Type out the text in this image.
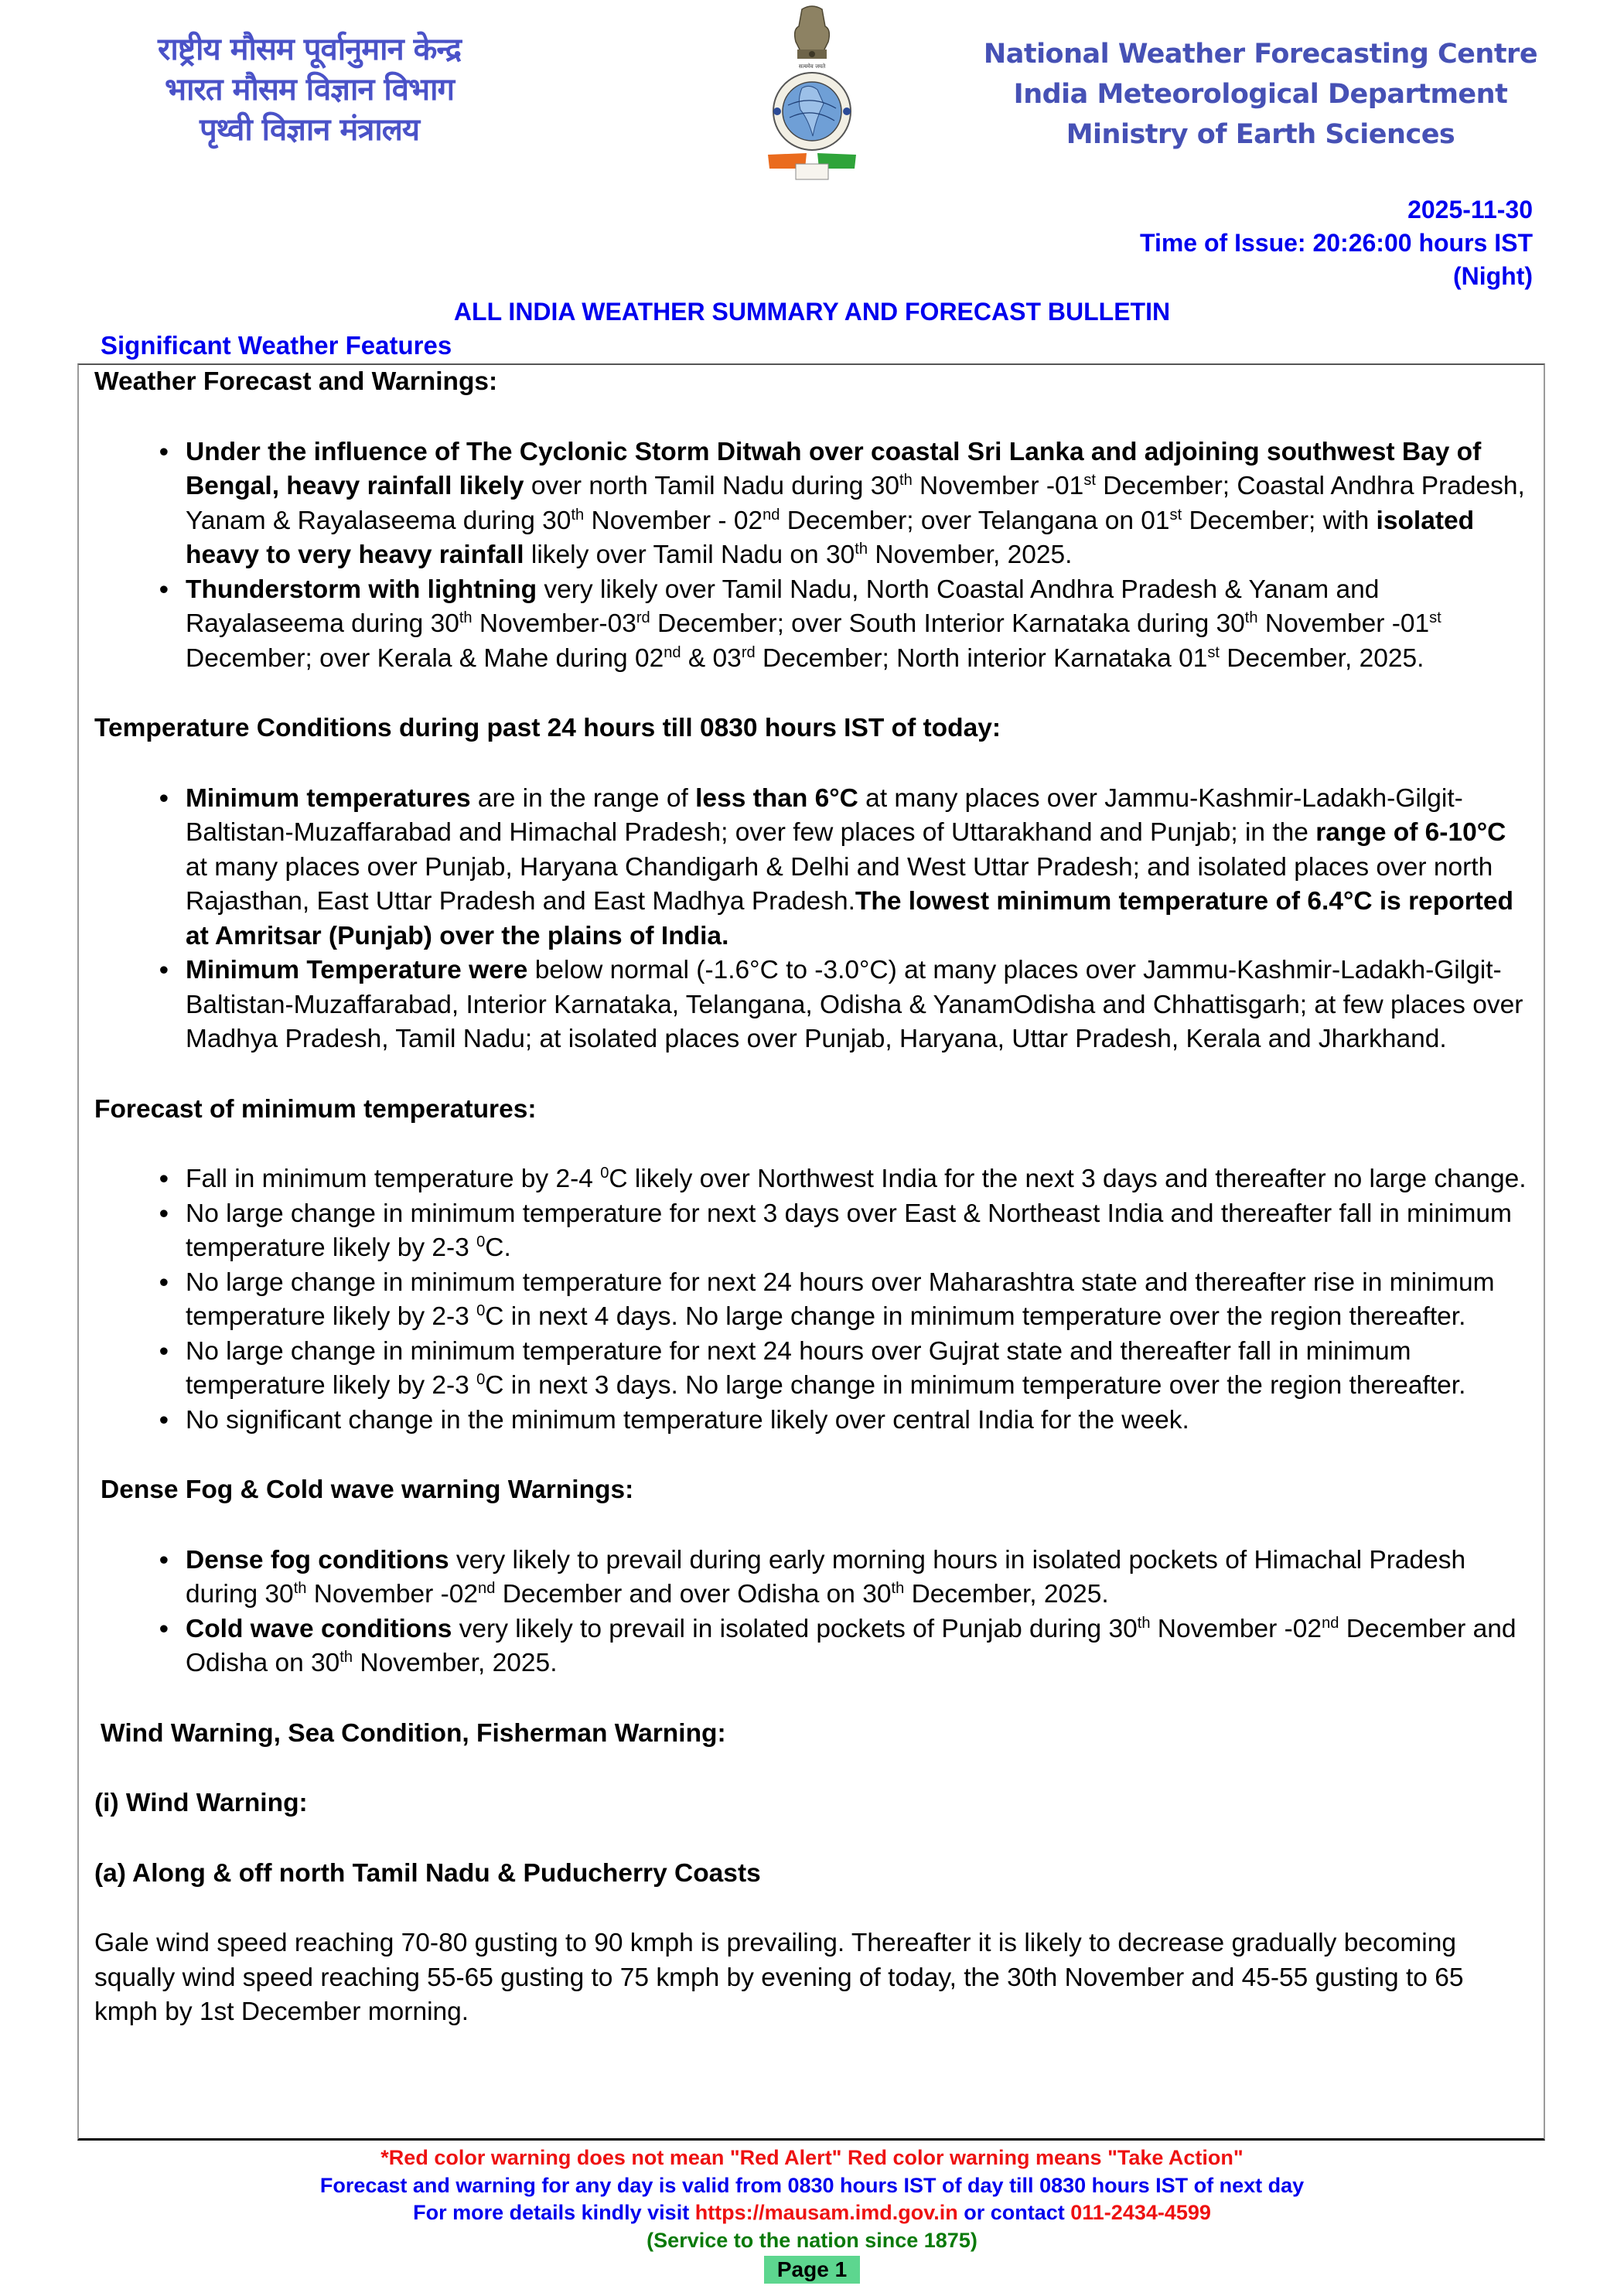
राष्ट्रीय मौसम पूर्वानुमान केन्द्र
भारत मौसम विज्ञान विभाग
पृथ्वी विज्ञान मंत्रालय
सत्यमेव जयते	National Weather Forecasting Centre
India Meteorological Department
Ministry of Earth Sciences
2025-11-30
Time of Issue: 20:26:00 hours IST
(Night)
ALL INDIA WEATHER SUMMARY AND FORECAST BULLETIN
Significant Weather Features

Weather Forecast and Warnings:

• Under the influence of The Cyclonic Storm Ditwah over coastal Sri Lanka and adjoining southwest Bay of Bengal, heavy rainfall likely over north Tamil Nadu during 30th November -01st December; Coastal Andhra Pradesh, Yanam & Rayalaseema during 30th November - 02nd December; over Telangana on 01st December; with isolated heavy to very heavy rainfall likely over Tamil Nadu on 30th November, 2025.
• Thunderstorm with lightning very likely over Tamil Nadu, North Coastal Andhra Pradesh & Yanam and Rayalaseema during 30th November-03rd December; over South Interior Karnataka during 30th November -01st December; over Kerala & Mahe during 02nd & 03rd December; North interior Karnataka 01st December, 2025.

Temperature Conditions during past 24 hours till 0830 hours IST of today:

• Minimum temperatures are in the range of less than 6°C at many places over Jammu-Kashmir-Ladakh-Gilgit-Baltistan-Muzaffarabad and Himachal Pradesh; over few places of Uttarakhand and Punjab; in the range of 6-10°C at many places over Punjab, Haryana Chandigarh & Delhi and West Uttar Pradesh; and isolated places over north Rajasthan, East Uttar Pradesh and East Madhya Pradesh.The lowest minimum temperature of 6.4°C is reported at Amritsar (Punjab) over the plains of India.
• Minimum Temperature were below normal (-1.6°C to -3.0°C) at many places over Jammu-Kashmir-Ladakh-Gilgit-Baltistan-Muzaffarabad, Interior Karnataka, Telangana, Odisha & YanamOdisha and Chhattisgarh; at few places over Madhya Pradesh, Tamil Nadu; at isolated places over Punjab, Haryana, Uttar Pradesh, Kerala and Jharkhand.

Forecast of minimum temperatures:

• Fall in minimum temperature by 2-4 $^0$C likely over Northwest India for the next 3 days and thereafter no large change.
• No large change in minimum temperature for next 3 days over East & Northeast India and thereafter fall in minimum temperature likely by 2-3 $^0$C.
• No large change in minimum temperature for next 24 hours over Maharashtra state and thereafter rise in minimum temperature likely by 2-3 $^0$C in next 4 days. No large change in minimum temperature over the region thereafter.
• No large change in minimum temperature for next 24 hours over Gujrat state and thereafter fall in minimum temperature likely by 2-3 $^0$C in next 3 days. No large change in minimum temperature over the region thereafter.
• No significant change in the minimum temperature likely over central India for the week.

Dense Fog & Cold wave warning Warnings:

• Dense fog conditions very likely to prevail during early morning hours in isolated pockets of Himachal Pradesh during 30th November -02nd December and over Odisha on 30th December, 2025.
• Cold wave conditions very likely to prevail in isolated pockets of Punjab during 30th November -02nd December and Odisha on 30th November, 2025.

Wind Warning, Sea Condition, Fisherman Warning:

(i) Wind Warning:

(a) Along & off north Tamil Nadu & Puducherry Coasts

Gale wind speed reaching 70-80 gusting to 90 kmph is prevailing. Thereafter it is likely to decrease gradually becoming squally wind speed reaching 55-65 gusting to 75 kmph by evening of today, the 30th November and 45-55 gusting to 65 kmph by 1st December morning.

*Red color warning does not mean "Red Alert" Red color warning means "Take Action"
Forecast and warning for any day is valid from 0830 hours IST of day till 0830 hours IST of next day
For more details kindly visit https://mausam.imd.gov.in or contact 011-2434-4599
(Service to the nation since 1875)
Page 1
